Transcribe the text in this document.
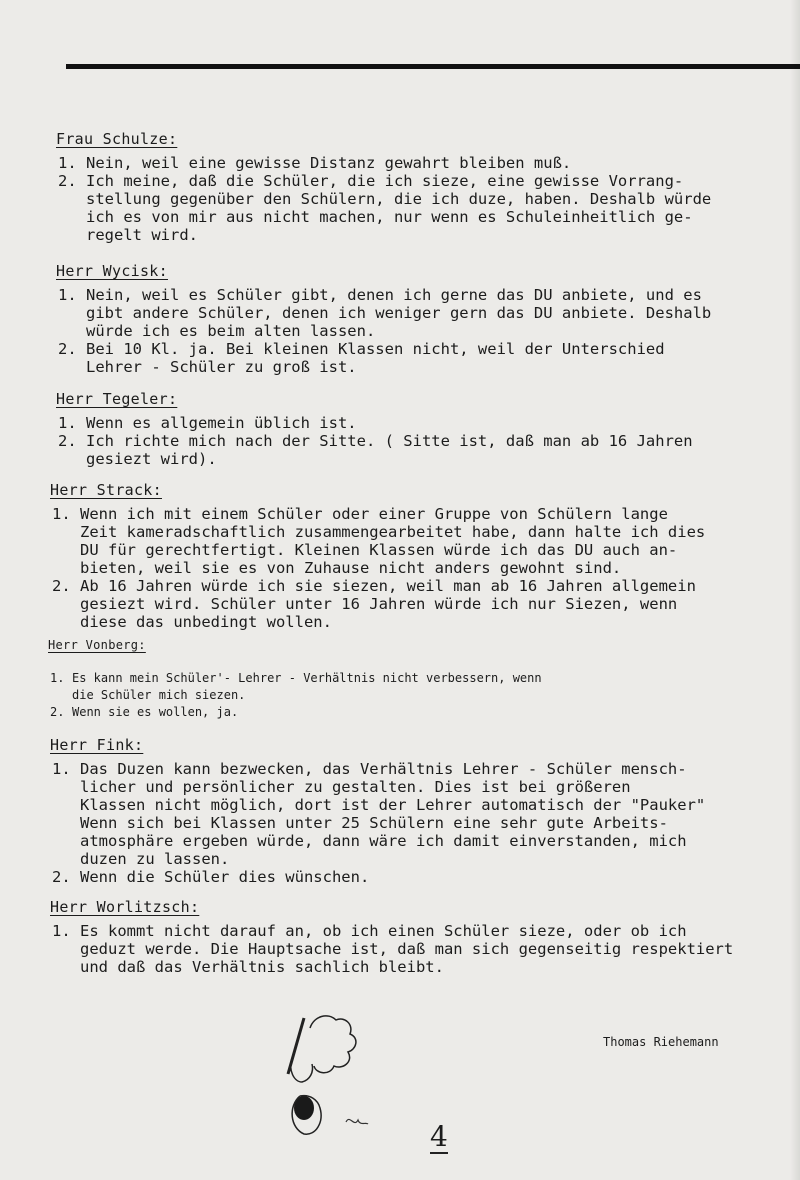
Frau Schulze:

1. Nein, weil eine gewisse Distanz gewahrt bleiben muß.
2. Ich meine, daß die Schüler, die ich sieze, eine gewisse Vorrang-
stellung gegenüber den Schülern, die ich duze, haben. Deshalb würde
ich es von mir aus nicht machen, nur wenn es Schuleinheitlich ge-
regelt wird.

Herr Wycisk:

1. Nein, weil es Schüler gibt, denen ich gerne das DU anbiete, und es
gibt andere Schüler, denen ich weniger gern das DU anbiete. Deshalb
würde ich es beim alten lassen.
2. Bei 10 Kl. ja. Bei kleinen Klassen nicht, weil der Unterschied
Lehrer - Schüler zu groß ist.

Herr Tegeler:

1. Wenn es allgemein üblich ist.
2. Ich richte mich nach der Sitte. ( Sitte ist, daß man ab 16 Jahren
gesiezt wird).

Herr Strack:

1. Wenn ich mit einem Schüler oder einer Gruppe von Schülern lange
Zeit kameradschaftlich zusammengearbeitet habe, dann halte ich dies
DU für gerechtfertigt. Kleinen Klassen würde ich das DU auch an-
bieten, weil sie es von Zuhause nicht anders gewohnt sind.
2. Ab 16 Jahren würde ich sie siezen, weil man ab 16 Jahren allgemein
gesiezt wird. Schüler unter 16 Jahren würde ich nur Siezen, wenn
diese das unbedingt wollen.

Herr Vonberg:

1. Es kann mein Schüler'- Lehrer - Verhältnis nicht verbessern, wenn
die Schüler mich siezen.
2. Wenn sie es wollen, ja.

Herr Fink:

1. Das Duzen kann bezwecken, das Verhältnis Lehrer - Schüler mensch-
licher und persönlicher zu gestalten. Dies ist bei größeren
Klassen nicht möglich, dort ist der Lehrer automatisch der "Pauker"
Wenn sich bei Klassen unter 25 Schülern eine sehr gute Arbeits-
atmosphäre ergeben würde, dann wäre ich damit einverstanden, mich
duzen zu lassen.
2. Wenn die Schüler dies wünschen.

Herr Worlitzsch:

1. Es kommt nicht darauf an, ob ich einen Schüler sieze, oder ob ich
geduzt werde. Die Hauptsache ist, daß man sich gegenseitig respektiert
und daß das Verhältnis sachlich bleibt.
Thomas Riehemann
4
